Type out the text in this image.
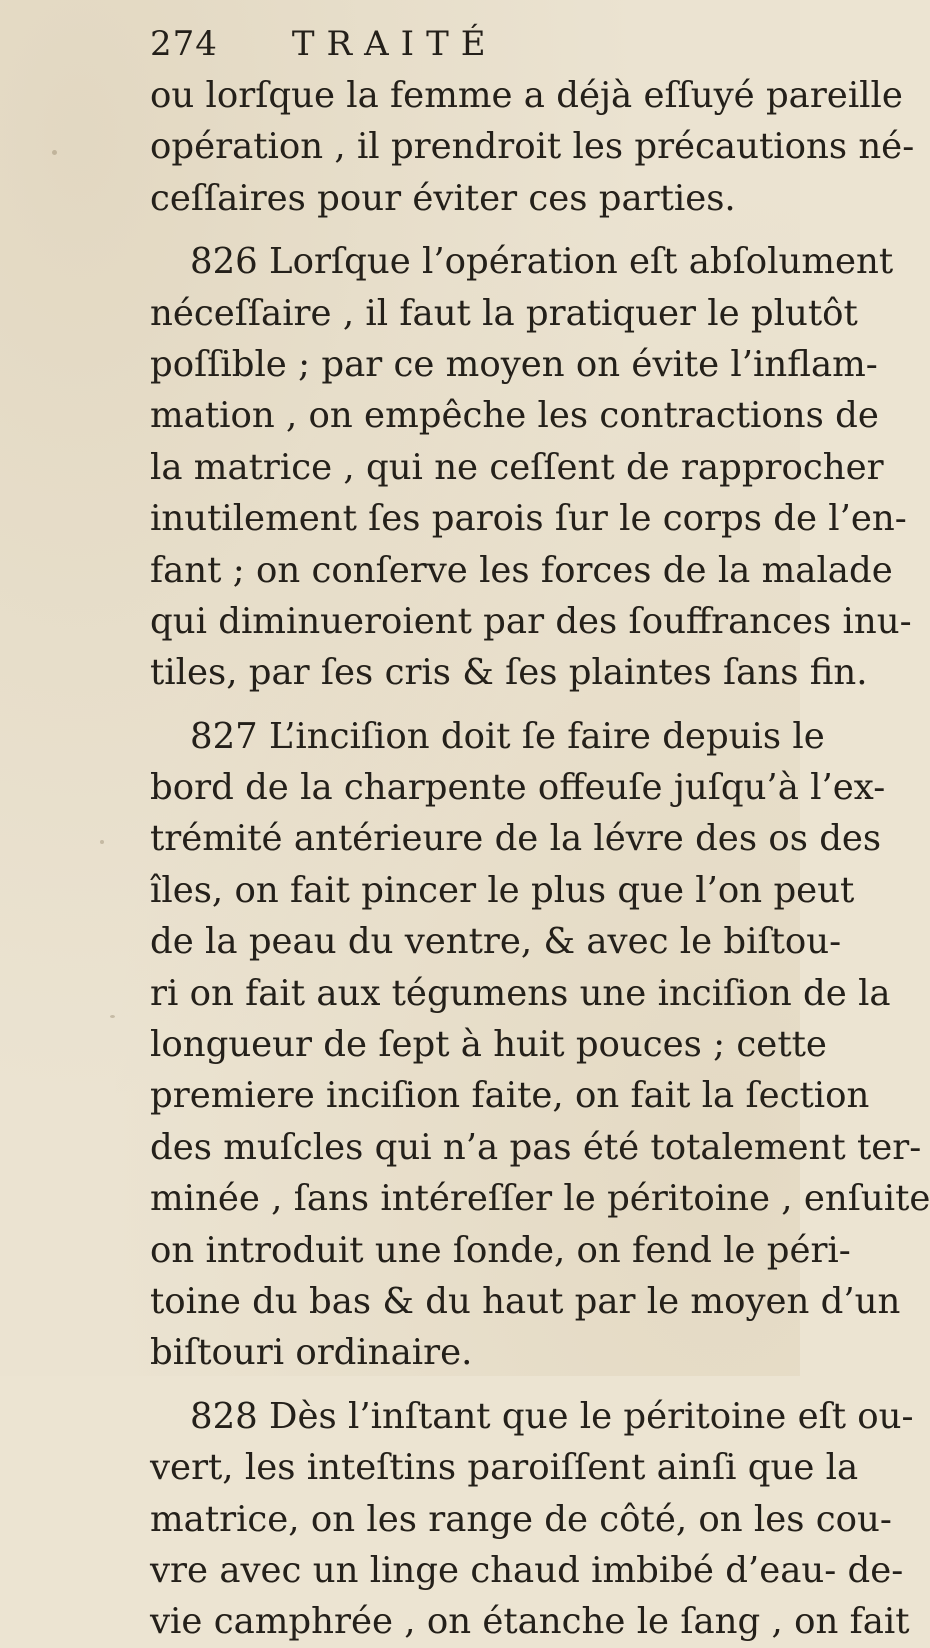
274 TRAITÉ
ou lorſque la femme a déjà eſſuyé pareille
opération , il prendroit les précautions né-
ceſſaires pour éviter ces parties.
826 Lorſque l’opération eſt abſolument
néceſſaire , il faut la pratiquer le plutôt
poſſible ; par ce moyen on évite l’inflam-
mation , on empêche les contractions de
la matrice , qui ne ceſſent de rapprocher
inutilement ſes parois ſur le corps de l’en-
fant ; on conſerve les forces de la malade
qui diminueroient par des ſouffrances inu-
tiles, par ſes cris & ſes plaintes ſans fin.
827 L’inciſion doit ſe faire depuis le
bord de la charpente offeuſe juſqu’à l’ex-
trémité antérieure de la lévre des os des
îles, on fait pincer le plus que l’on peut
de la peau du ventre, & avec le biſtou-
ri on fait aux tégumens une inciſion de la
longueur de ſept à huit pouces ; cette
premiere inciſion faite, on fait la ſection
des muſcles qui n’a pas été totalement ter-
minée , ſans intéreſſer le péritoine , enſuite
on introduit une ſonde, on fend le péri-
toine du bas & du haut par le moyen d’un
biſtouri ordinaire.
828 Dès l’inſtant que le péritoine eſt ou-
vert, les inteſtins paroiſſent ainſi que la
matrice, on les range de côté, on les cou-
vre avec un linge chaud imbibé d’eau- de-
vie camphrée , on étanche le ſang , on fait
